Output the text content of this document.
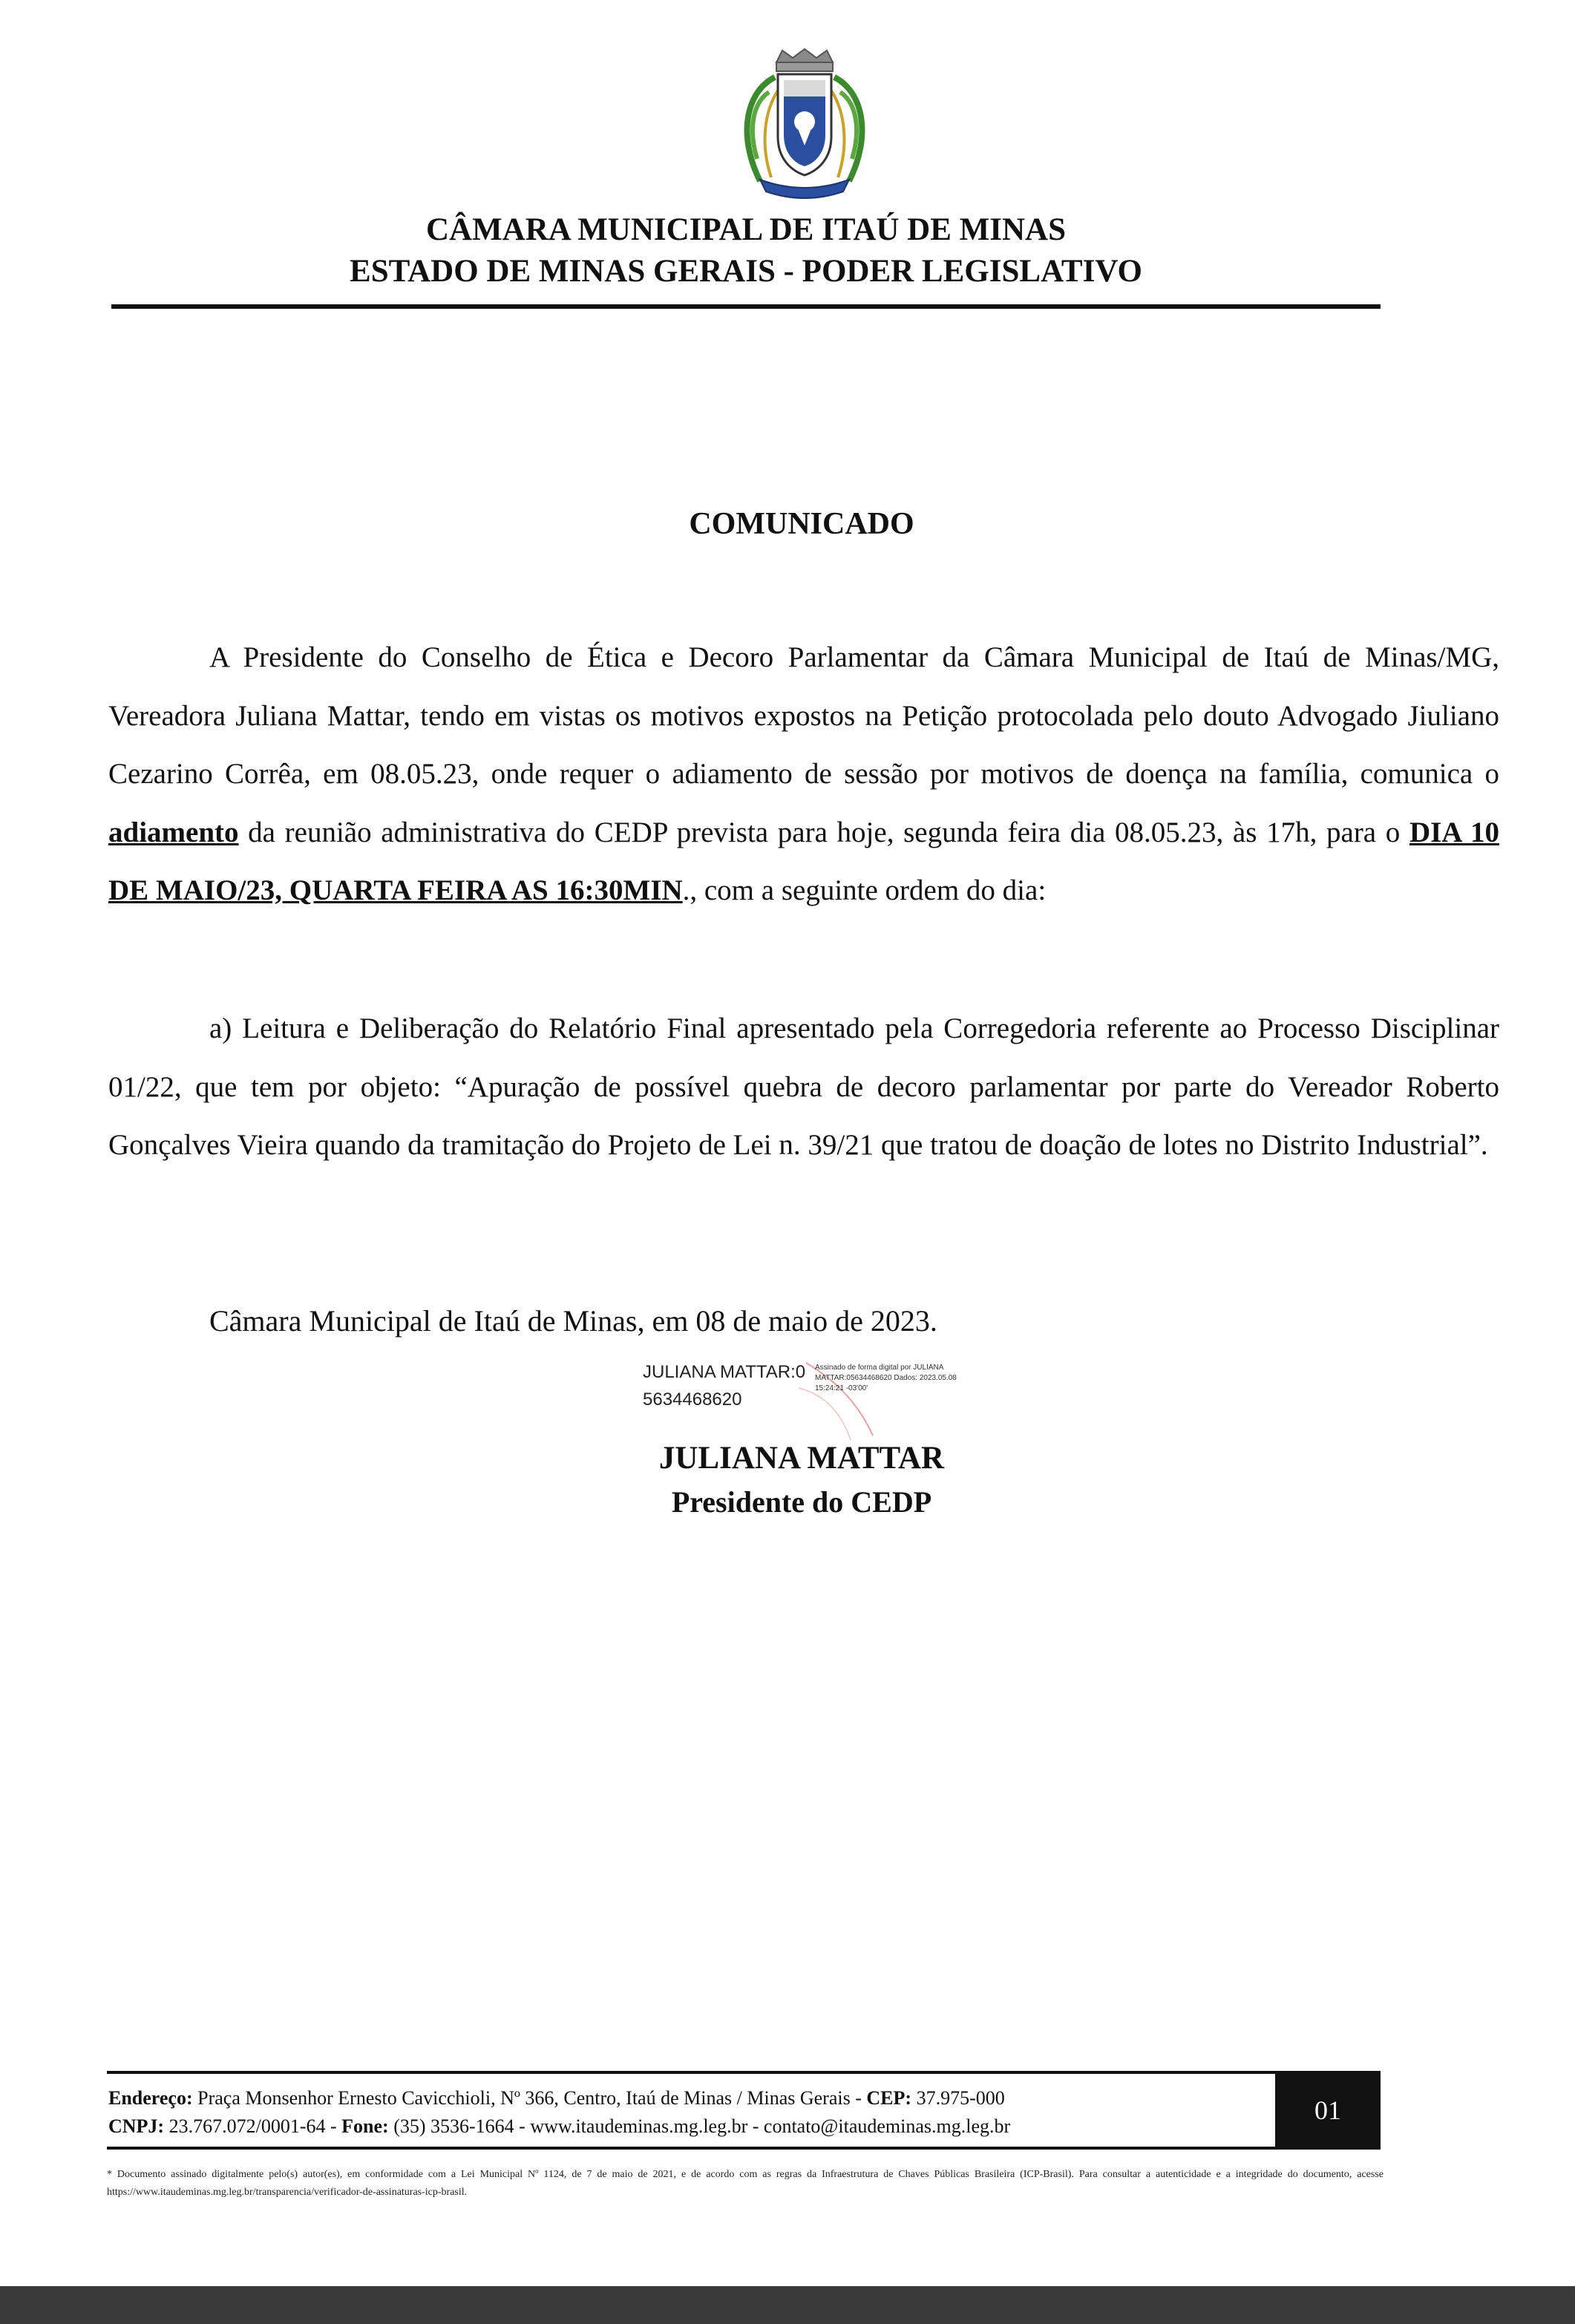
CÂMARA MUNICIPAL DE ITAÚ DE MINAS
ESTADO DE MINAS GERAIS - PODER LEGISLATIVO
COMUNICADO
A Presidente do Conselho de Ética e Decoro Parlamentar da Câmara Municipal de Itaú de Minas/MG, Vereadora Juliana Mattar, tendo em vistas os motivos expostos na Petição protocolada pelo douto Advogado Jiuliano Cezarino Corrêa, em 08.05.23, onde requer o adiamento de sessão por motivos de doença na família, comunica o adiamento da reunião administrativa do CEDP prevista para hoje, segunda feira dia 08.05.23, às 17h, para o DIA 10 DE MAIO/23, QUARTA FEIRA AS 16:30MIN., com a seguinte ordem do dia:
a) Leitura e Deliberação do Relatório Final apresentado pela Corregedoria referente ao Processo Disciplinar 01/22, que tem por objeto: “Apuração de possível quebra de decoro parlamentar por parte do Vereador Roberto Gonçalves Vieira quando da tramitação do Projeto de Lei n. 39/21 que tratou de doação de lotes no Distrito Industrial”.
Câmara Municipal de Itaú de Minas, em 08 de maio de 2023.
JULIANA MATTAR:05634468620
Assinado de forma digital por JULIANA MATTAR:05634468620 Dados: 2023.05.08 15:24:21 -03'00'
JULIANA MATTAR
Presidente do CEDP
Endereço: Praça Monsenhor Ernesto Cavicchioli, Nº 366, Centro, Itaú de Minas / Minas Gerais - CEP: 37.975-000
CNPJ: 23.767.072/0001-64 - Fone: (35) 3536-1664 - www.itaudeminas.mg.leg.br - contato@itaudeminas.mg.leg.br
01
* Documento assinado digitalmente pelo(s) autor(es), em conformidade com a Lei Municipal Nº 1124, de 7 de maio de 2021, e de acordo com as regras da Infraestrutura de Chaves Públicas Brasileira (ICP-Brasil). Para consultar a autenticidade e a integridade do documento, acesse https://www.itaudeminas.mg.leg.br/transparencia/verificador-de-assinaturas-icp-brasil.
